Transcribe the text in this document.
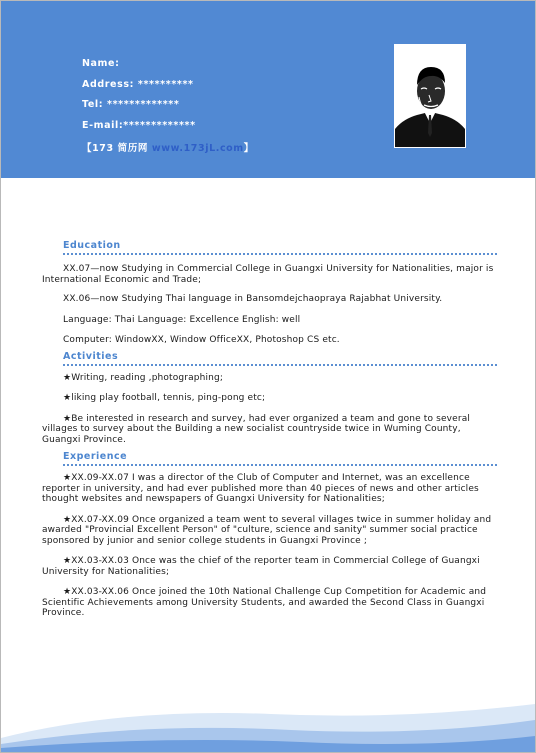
Name:
Address: **********
Tel: *************
E-mail:*************
【173 简历网 www.173jL.com】
Education

XX.07—now Studying in Commercial College in Guangxi University for Nationalities, major is International Economic and Trade;

XX.06—now Studying Thai language in Bansomdejchaopraya Rajabhat University.

Language: Thai Language: Excellence English: well

Computer: WindowXX, Window OfficeXX, Photoshop CS etc.

Activities

★Writing, reading ,photographing;

★liking play football, tennis, ping-pong etc;

★Be interested in research and survey, had ever organized a team and gone to several villages to survey about the Building a new socialist countryside twice in Wuming County, Guangxi Province.

Experience

★XX.09-XX.07 I was a director of the Club of Computer and Internet, was an excellence reporter in university, and had ever published more than 40 pieces of news and other articles thought websites and newspapers of Guangxi University for Nationalities;

★XX.07-XX.09 Once organized a team went to several villages twice in summer holiday and awarded "Provincial Excellent Person" of "culture, science and sanity" summer social practice sponsored by junior and senior college students in Guangxi Province ;

★XX.03-XX.03 Once was the chief of the reporter team in Commercial College of Guangxi University for Nationalities;

★XX.03-XX.06 Once joined the 10th National Challenge Cup Competition for Academic and Scientific Achievements among University Students, and awarded the Second Class in Guangxi Province.
